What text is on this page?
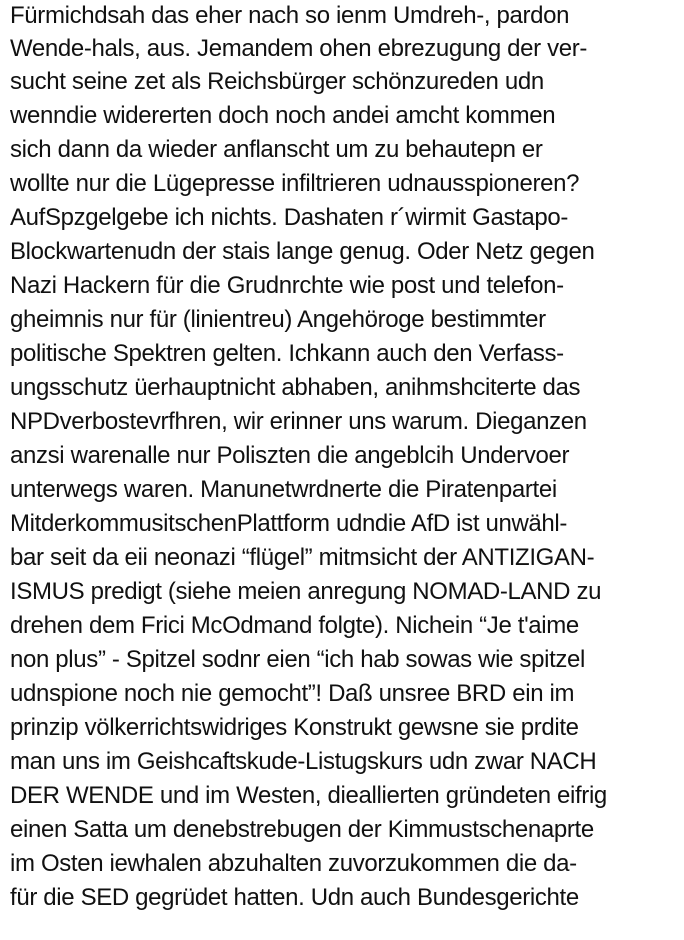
Fürmichdsah das eher nach so ienm Umdreh-, pardon
Wende-hals, aus. Jemandem ohen ebrezugung der ver-
sucht seine zet als Reichsbürger schönzureden udn
wenndie widererten doch noch andei amcht kommen
sich dann da wieder anflanscht um zu behautepn er
wollte nur die Lügepresse infiltrieren udnausspioneren?
AufSpzgelgebe ich nichts. Dashaten r´wirmit Gastapo-
Blockwartenudn der stais lange genug. Oder Netz gegen
Nazi Hackern für die Grudnrchte wie post und telefon-
gheimnis nur für (linientreu) Angehöroge bestimmter
politische Spektren gelten. Ichkann auch den Verfass-
ungsschutz üerhauptnicht abhaben, anihmshciterte das
NPDverbostevrfhren, wir erinner uns warum. Dieganzen
anzsi warenalle nur Poliszten die angeblcih Undervoer
unterwegs waren. Manunetwrdnerte die Piratenpartei
MitderkommusitschenPlattform udndie AfD ist unwähl-
bar seit da eii neonazi “flügel” mitmsicht der ANTIZIGAN-
ISMUS predigt (siehe meien anregung NOMAD-LAND zu
drehen dem Frici McOdmand folgte). Nichein “Je t'aime
non plus” - Spitzel sodnr eien “ich hab sowas wie spitzel
udnspione noch nie gemocht”! Daß unsree BRD ein im
prinzip völkerrichtswidriges Konstrukt gewsne sie prdite
man uns im Geishcaftskude-Listugskurs udn zwar NACH
DER WENDE und im Westen, dieallierten gründeten eifrig
einen Satta um denebstrebugen der Kimmustschenaprte
im Osten iewhalen abzuhalten zuvorzukommen die da-
für die SED gegrüdet hatten. Udn auch Bundesgerichte
